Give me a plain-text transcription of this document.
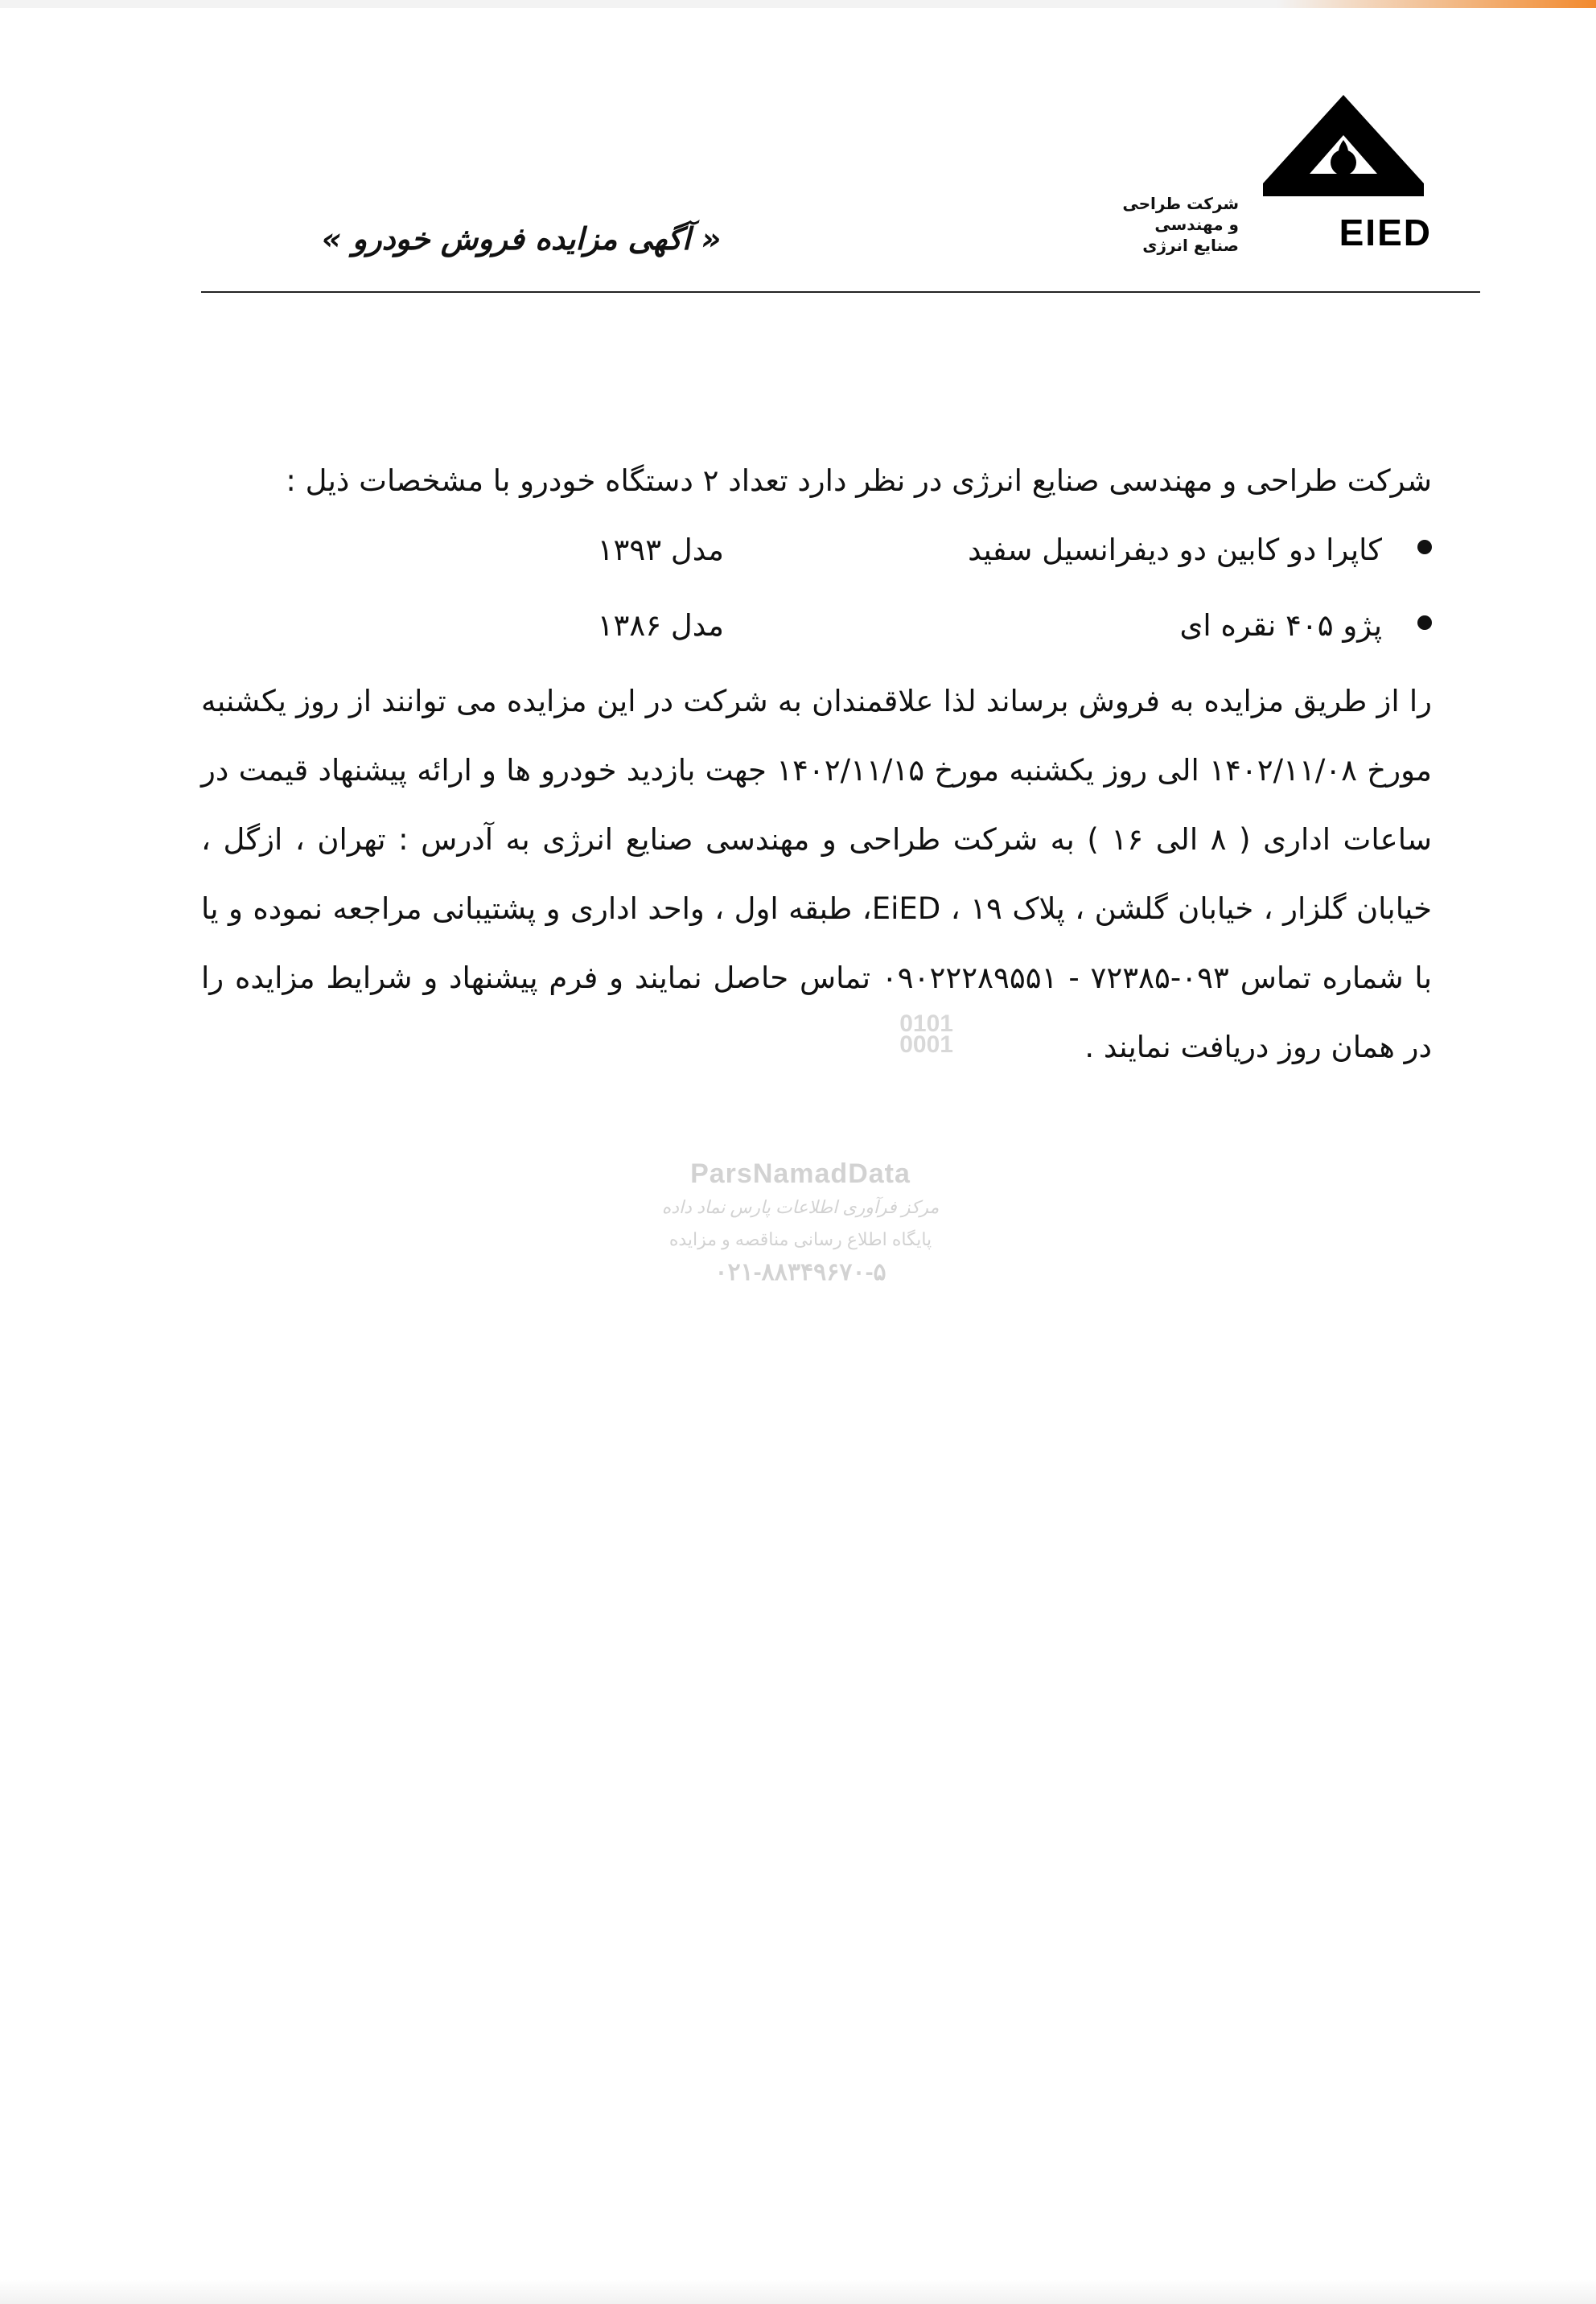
« آگهی مزایده فروش خودرو »	EIED
شرکت طراحی و مهندسی
صنایع انرژی

شرکت طراحی و مهندسی صنایع انرژی در نظر دارد تعداد ۲ دستگاه خودرو با مشخصات ذیل :

کاپرا دو کابین دو دیفرانسیل سفید
مدل ۱۳۹۳
پژو ۴۰۵ نقره ای
مدل ۱۳۸۶

را از طریق مزایده به فروش برساند لذا علاقمندان به شرکت در این مزایده می توانند از روز یکشنبه مورخ ۱۴۰۲/۱۱/۰۸ الی روز یکشنبه مورخ ۱۴۰۲/۱۱/۱۵ جهت بازدید خودرو ها و ارائه پیشنهاد قیمت در ساعات اداری ( ۸ الی ۱۶ ) به شرکت طراحی و مهندسی صنایع انرژی به آدرس : تهران ، ازگل ، خیابان گلزار ، خیابان گلشن ، پلاک ۱۹ ، EiED، طبقه اول ، واحد اداری و پشتیبانی مراجعه نموده و یا با شماره تماس ۰۹۳-۷۲۳۸۵ - ۰۹۰۲۲۲۸۹۵۵۱ تماس حاصل نمایند و فرم پیشنهاد و شرایط مزایده را در همان روز دریافت نمایند .

0101
0001
ParsNamadData
مرکز فرآوری اطلاعات پارس نماد داده
پایگاه اطلاع رسانی مناقصه و مزایده
۰۲۱-۸۸۳۴۹۶۷۰-۵
